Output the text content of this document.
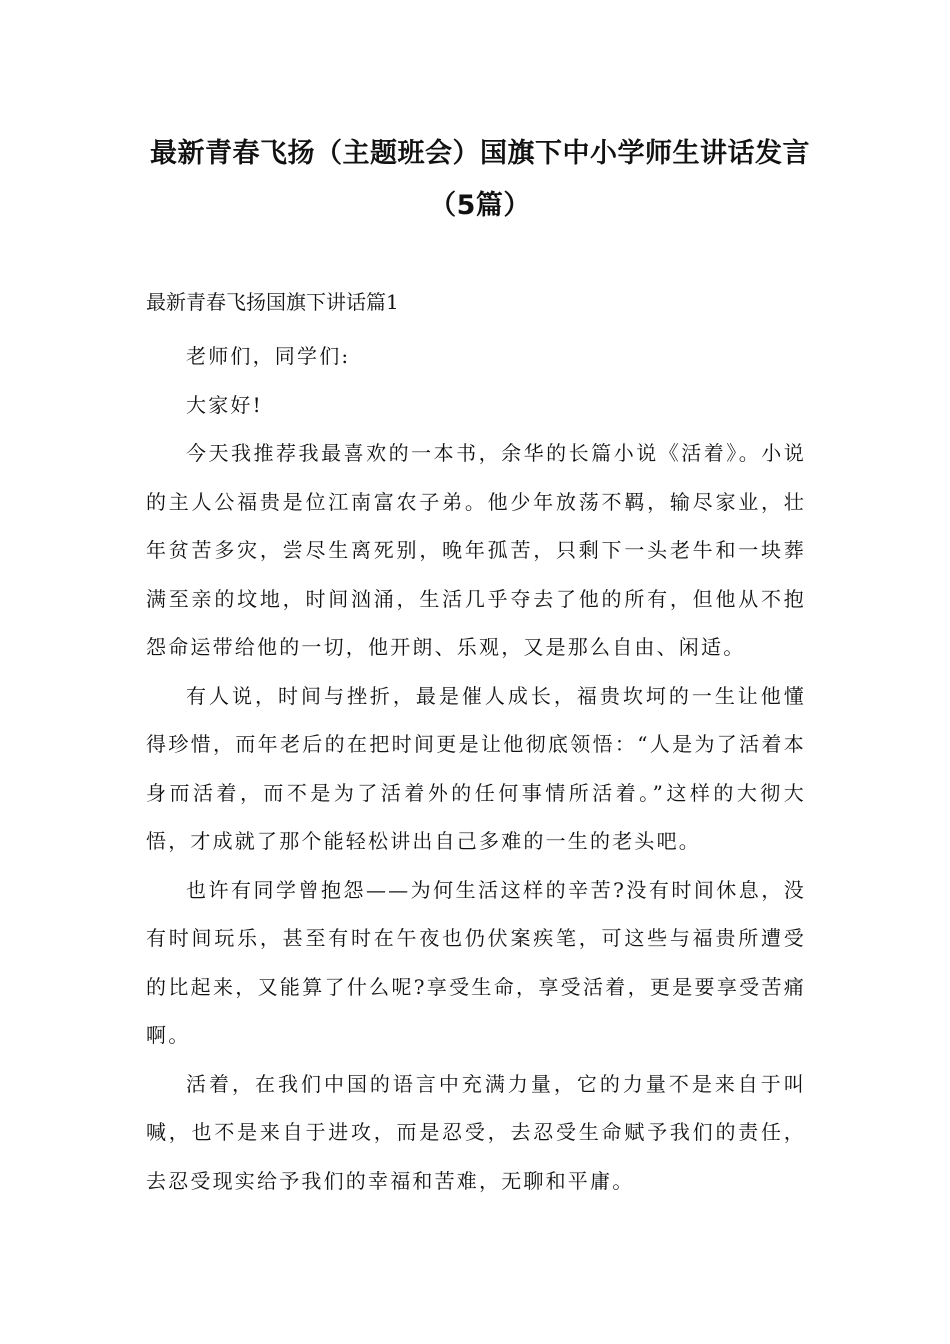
最新青春飞扬（主题班会）国旗下中小学师生讲话发言（5篇）

最新青春飞扬国旗下讲话篇1

老师们，同学们:

大家好!

今天我推荐我最喜欢的一本书，余华的长篇小说《活着》。小说的主人公福贵是位江南富农子弟。他少年放荡不羁，输尽家业，壮年贫苦多灾，尝尽生离死别，晚年孤苦，只剩下一头老牛和一块葬满至亲的坟地，时间汹涌，生活几乎夺去了他的所有，但他从不抱怨命运带给他的一切，他开朗、乐观，又是那么自由、闲适。

有人说，时间与挫折，最是催人成长，福贵坎坷的一生让他懂得珍惜，而年老后的在把时间更是让他彻底领悟：“人是为了活着本身而活着，而不是为了活着外的任何事情所活着。”这样的大彻大悟，才成就了那个能轻松讲出自己多难的一生的老头吧。

也许有同学曾抱怨——为何生活这样的辛苦?没有时间休息，没有时间玩乐，甚至有时在午夜也仍伏案疾笔，可这些与福贵所遭受的比起来，又能算了什么呢?享受生命，享受活着，更是要享受苦痛啊。

活着，在我们中国的语言中充满力量，它的力量不是来自于叫喊，也不是来自于进攻，而是忍受，去忍受生命赋予我们的责任，去忍受现实给予我们的幸福和苦难，无聊和平庸。
